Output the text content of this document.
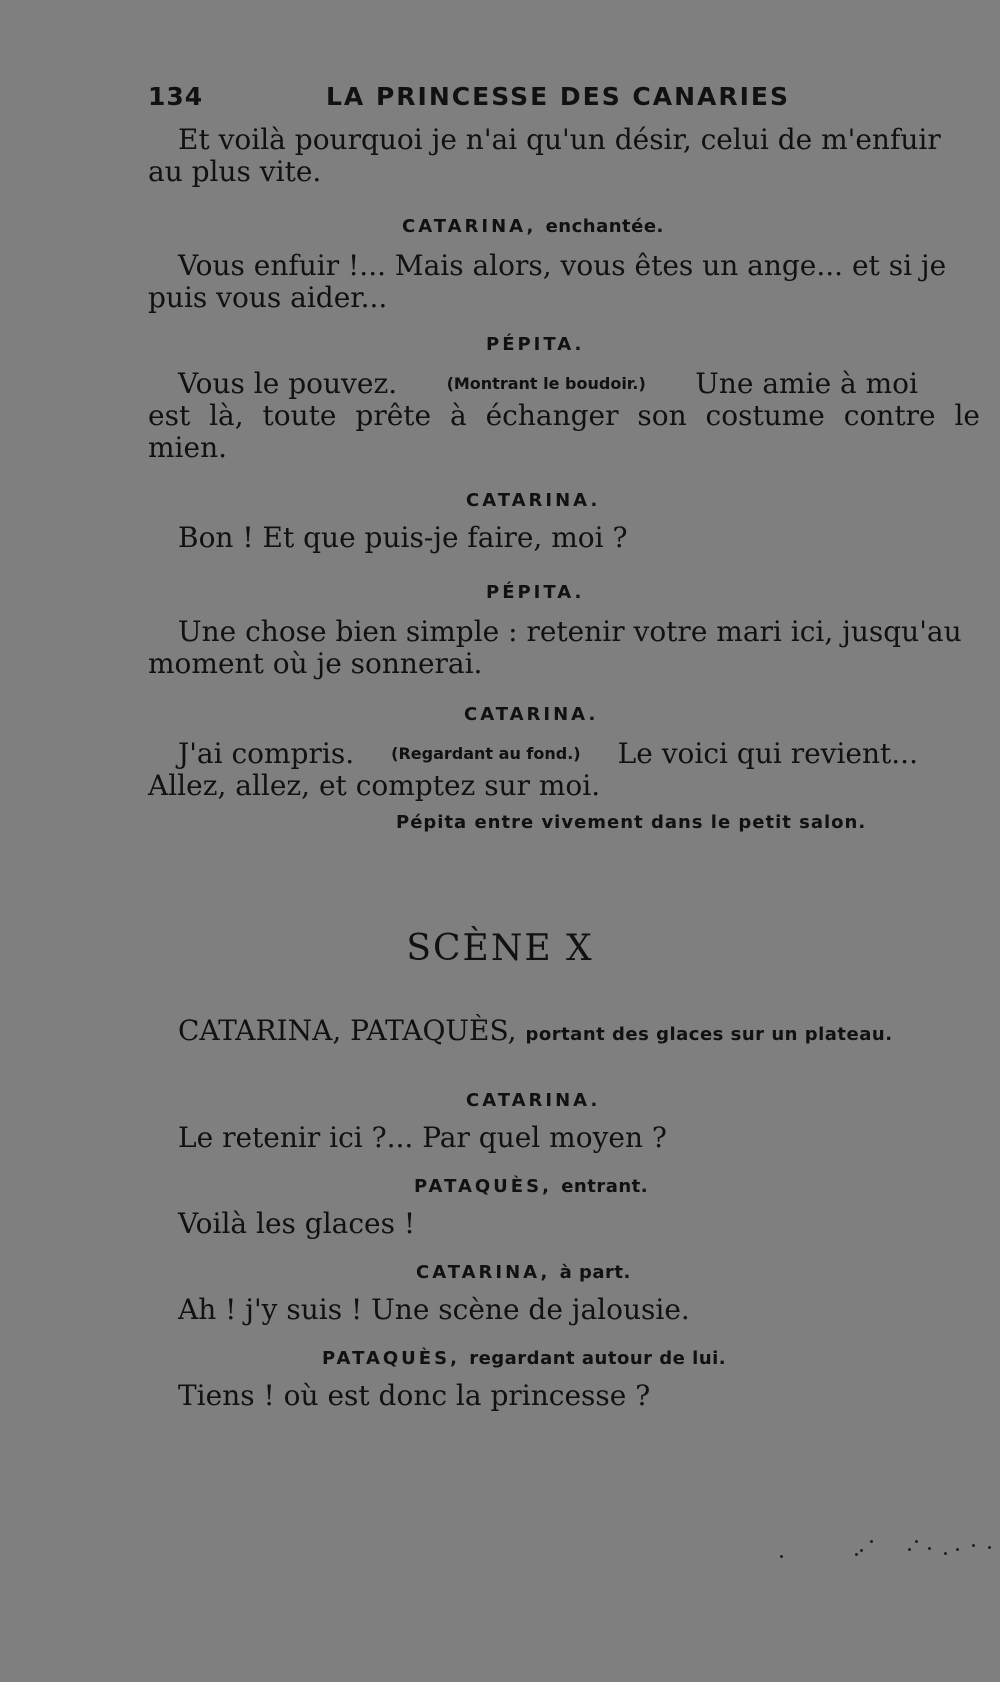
134	LA PRINCESSE DES CANARIES
Et voilà pourquoi je n'ai qu'un désir, celui de m'enfuir
au plus vite.
CATARINA, enchantée.
Vous enfuir !... Mais alors, vous êtes un ange... et si je
puis vous aider...
PÉPITA.
Vous le pouvez.	(Montrant le boudoir.) Une amie à moi
est là, toute prête à échanger son costume contre le
mien.
CATARINA.
Bon ! Et que puis-je faire, moi ?
PÉPITA.
Une chose bien simple : retenir votre mari ici, jusqu'au
moment où je sonnerai.
CATARINA.
J'ai compris. (Regardant au fond.) Le voici qui revient...
Allez, allez, et comptez sur moi.
Pépita entre vivement dans le petit salon.
SCÈNE X
CATARINA, PATAQUÈS, portant des glaces sur un plateau.
CATARINA.
Le retenir ici ?... Par quel moyen ?
PATAQUÈS, entrant.
Voilà les glaces !
CATARINA, à part.
Ah ! j'y suis ! Une scène de jalousie.
PATAQUÈS, regardant autour de lui.
Tiens ! où est donc la princesse ?
